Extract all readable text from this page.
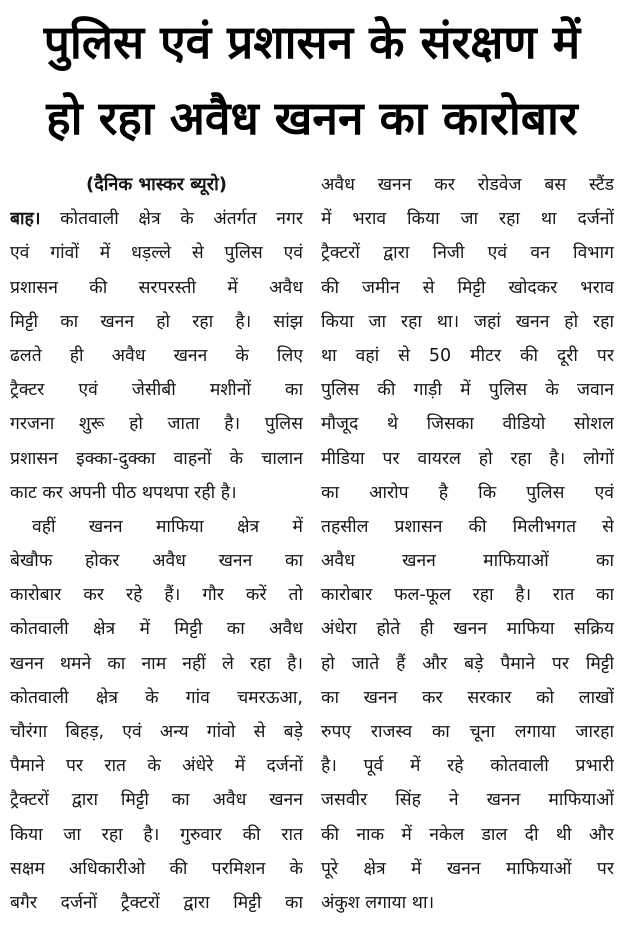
पुलिस एवं प्रशासन के संरक्षण में
हो रहा अवैध खनन का कारोबार
(दैनिक भास्कर ब्यूरो)
बाह। कोतवाली क्षेत्र के अंतर्गत नगर
एवं गांवों में धड़ल्ले से पुलिस एवं
प्रशासन की सरपरस्ती में अवैध
मिट्टी का खनन हो रहा है। सांझ
ढलते ही अवैध खनन के लिए
ट्रैक्टर एवं जेसीबी मशीनों का
गरजना शुरू हो जाता है। पुलिस
प्रशासन इक्का-दुक्का वाहनों के चालान
काट कर अपनी पीठ थपथपा रही है।
वहीं खनन माफिया क्षेत्र में
बेखौफ होकर अवैध खनन का
कारोबार कर रहे हैं। गौर करें तो
कोतवाली क्षेत्र में मिट्टी का अवैध
खनन थमने का नाम नहीं ले रहा है।
कोतवाली क्षेत्र के गांव चमरऊआ,
चौरंगा बिहड़, एवं अन्य गांवो से बड़े
पैमाने पर रात के अंधेरे में दर्जनों
ट्रैक्टरों द्वारा मिट्टी का अवैध खनन
किया जा रहा है। गुरुवार की रात
सक्षम अधिकारीओ की परमिशन के
बगैर दर्जनों ट्रैक्टरों द्वारा मिट्टी का
अवैध खनन कर रोडवेज बस स्टैंड
में भराव किया जा रहा था दर्जनों
ट्रैक्टरों द्वारा निजी एवं वन विभाग
की जमीन से मिट्टी खोदकर भराव
किया जा रहा था। जहां खनन हो रहा
था वहां से 50 मीटर की दूरी पर
पुलिस की गाड़ी में पुलिस के जवान
मौजूद थे जिसका वीडियो सोशल
मीडिया पर वायरल हो रहा है। लोगों
का आरोप है कि पुलिस एवं
तहसील प्रशासन की मिलीभगत से
अवैध खनन माफियाओं का
कारोबार फल-फूल रहा है। रात का
अंधेरा होते ही खनन माफिया सक्रिय
हो जाते हैं और बड़े पैमाने पर मिट्टी
का खनन कर सरकार को लाखों
रुपए राजस्व का चूना लगाया जारहा
है। पूर्व में रहे कोतवाली प्रभारी
जसवीर सिंह ने खनन माफियाओं
की नाक में नकेल डाल दी थी और
पूरे क्षेत्र में खनन माफियाओं पर
अंकुश लगाया था।
